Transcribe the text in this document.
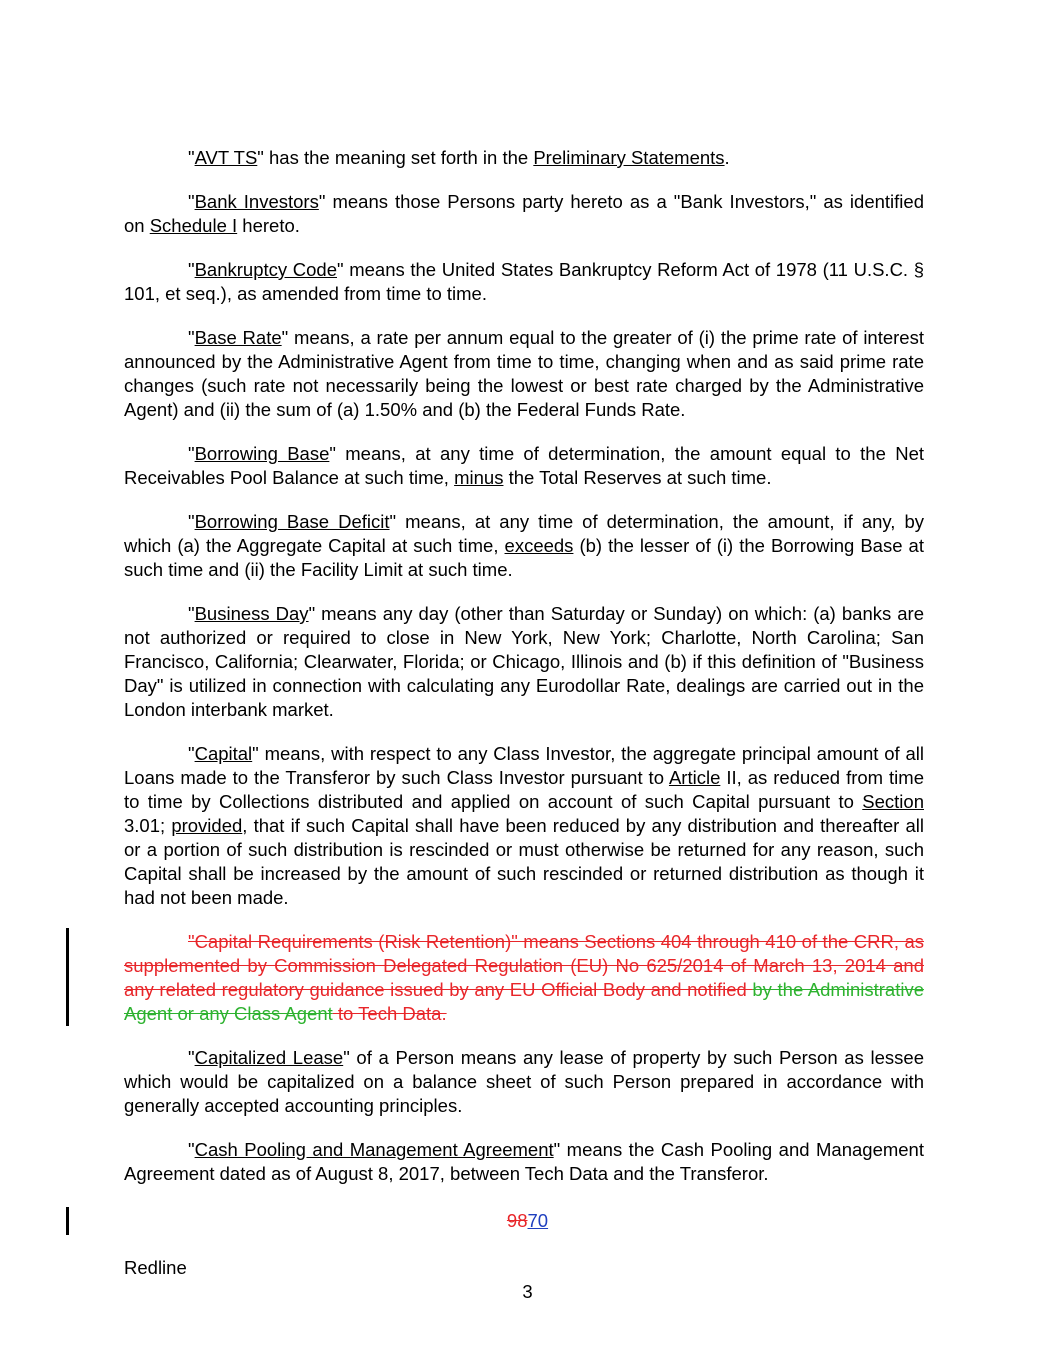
"AVT TS" has the meaning set forth in the Preliminary Statements.

"Bank Investors" means those Persons party hereto as a "Bank Investors," as identified on Schedule I hereto.

"Bankruptcy Code" means the United States Bankruptcy Reform Act of 1978 (11 U.S.C. § 101, et seq.), as amended from time to time.

"Base Rate" means, a rate per annum equal to the greater of (i) the prime rate of interest announced by the Administrative Agent from time to time, changing when and as said prime rate changes (such rate not necessarily being the lowest or best rate charged by the Administrative Agent) and (ii) the sum of (a) 1.50% and (b) the Federal Funds Rate.

"Borrowing Base" means, at any time of determination, the amount equal to the Net Receivables Pool Balance at such time, minus the Total Reserves at such time.

"Borrowing Base Deficit" means, at any time of determination, the amount, if any, by which (a) the Aggregate Capital at such time, exceeds (b) the lesser of (i) the Borrowing Base at such time and (ii) the Facility Limit at such time.

"Business Day" means any day (other than Saturday or Sunday) on which: (a) banks are not authorized or required to close in New York, New York; Charlotte, North Carolina; San Francisco, California; Clearwater, Florida; or Chicago, Illinois and (b) if this definition of "Business Day" is utilized in connection with calculating any Eurodollar Rate, dealings are carried out in the London interbank market.

"Capital" means, with respect to any Class Investor, the aggregate principal amount of all Loans made to the Transferor by such Class Investor pursuant to Article II, as reduced from time to time by Collections distributed and applied on account of such Capital pursuant to Section 3.01; provided, that if such Capital shall have been reduced by any distribution and thereafter all or a portion of such distribution is rescinded or must otherwise be returned for any reason, such Capital shall be increased by the amount of such rescinded or returned distribution as though it had not been made.

"Capital Requirements (Risk Retention)" means Sections 404 through 410 of the CRR, as supplemented by Commission Delegated Regulation (EU) No 625/2014 of March 13, 2014 and any related regulatory guidance issued by any EU Official Body and notified by the Administrative Agent or any Class Agent to Tech Data.

"Capitalized Lease" of a Person means any lease of property by such Person as lessee which would be capitalized on a balance sheet of such Person prepared in accordance with generally accepted accounting principles.

"Cash Pooling and Management Agreement" means the Cash Pooling and Management Agreement dated as of August 8, 2017, between Tech Data and the Transferor.

9870
Redline
3
